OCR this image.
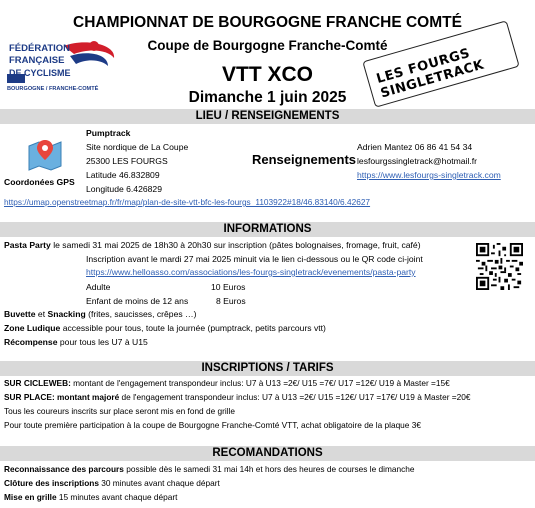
CHAMPIONNAT DE BOURGOGNE FRANCHE COMTÉ
FÉDÉRATION
FRANÇAISE
DE CYCLISME
BOURGOGNE / FRANCHE-COMTÉ
LES FOURGS SINGLETRACK
Coupe de Bourgogne Franche-Comté
VTT XCO
Dimanche 1 juin 2025
LIEU / RENSEIGNEMENTS
Coordonées GPS
Pumptrack
Site nordique de La Coupe
25300 LES FOURGS
Latitude 46.832809
Longitude 6.426829
Renseignements
Adrien Mantez 06 86 41 54 34
lesfourgssingletrack@hotmail.fr
https://www.lesfourgs-singletrack.com
https://umap.openstreetmap.fr/fr/map/plan-de-site-vtt-bfc-les-fourgs_1103922#18/46.83140/6.42627
INFORMATIONS
Pasta Party le samedi 31 mai 2025 de 18h30 à 20h30 sur inscription (pâtes bolognaises, fromage, fruit, café)
Inscription avant le mardi 27 mai 2025 minuit via le lien ci-dessous ou le QR code ci-joint
https://www.helloasso.com/associations/les-fourgs-singletrack/evenements/pasta-party
Adulte	10 Euros
Enfant de moins de 12 ans	8 Euros
Buvette et Snacking (frites, saucisses, crêpes …)
Zone Ludique accessible pour tous, toute la journée (pumptrack, petits parcours vtt)
Récompense pour tous les U7 à U15
INSCRIPTIONS / TARIFS
SUR CICLEWEB: montant de l'engagement transpondeur inclus: U7 à U13 =2€/ U15 =7€/ U17 =12€/ U19 à Master =15€
SUR PLACE: montant majoré de l'engagement transpondeur inclus: U7 à U13 =2€/ U15 =12€/ U17 =17€/ U19 à Master =20€
Tous les coureurs inscrits sur place seront mis en fond de grille
Pour toute première participation à la coupe de Bourgogne Franche-Comté VTT, achat obligatoire de la plaque 3€
RECOMANDATIONS
Reconnaissance des parcours possible dès le samedi 31 mai 14h et hors des heures de courses le dimanche
Clôture des inscriptions 30 minutes avant chaque départ
Mise en grille 15 minutes avant chaque départ
